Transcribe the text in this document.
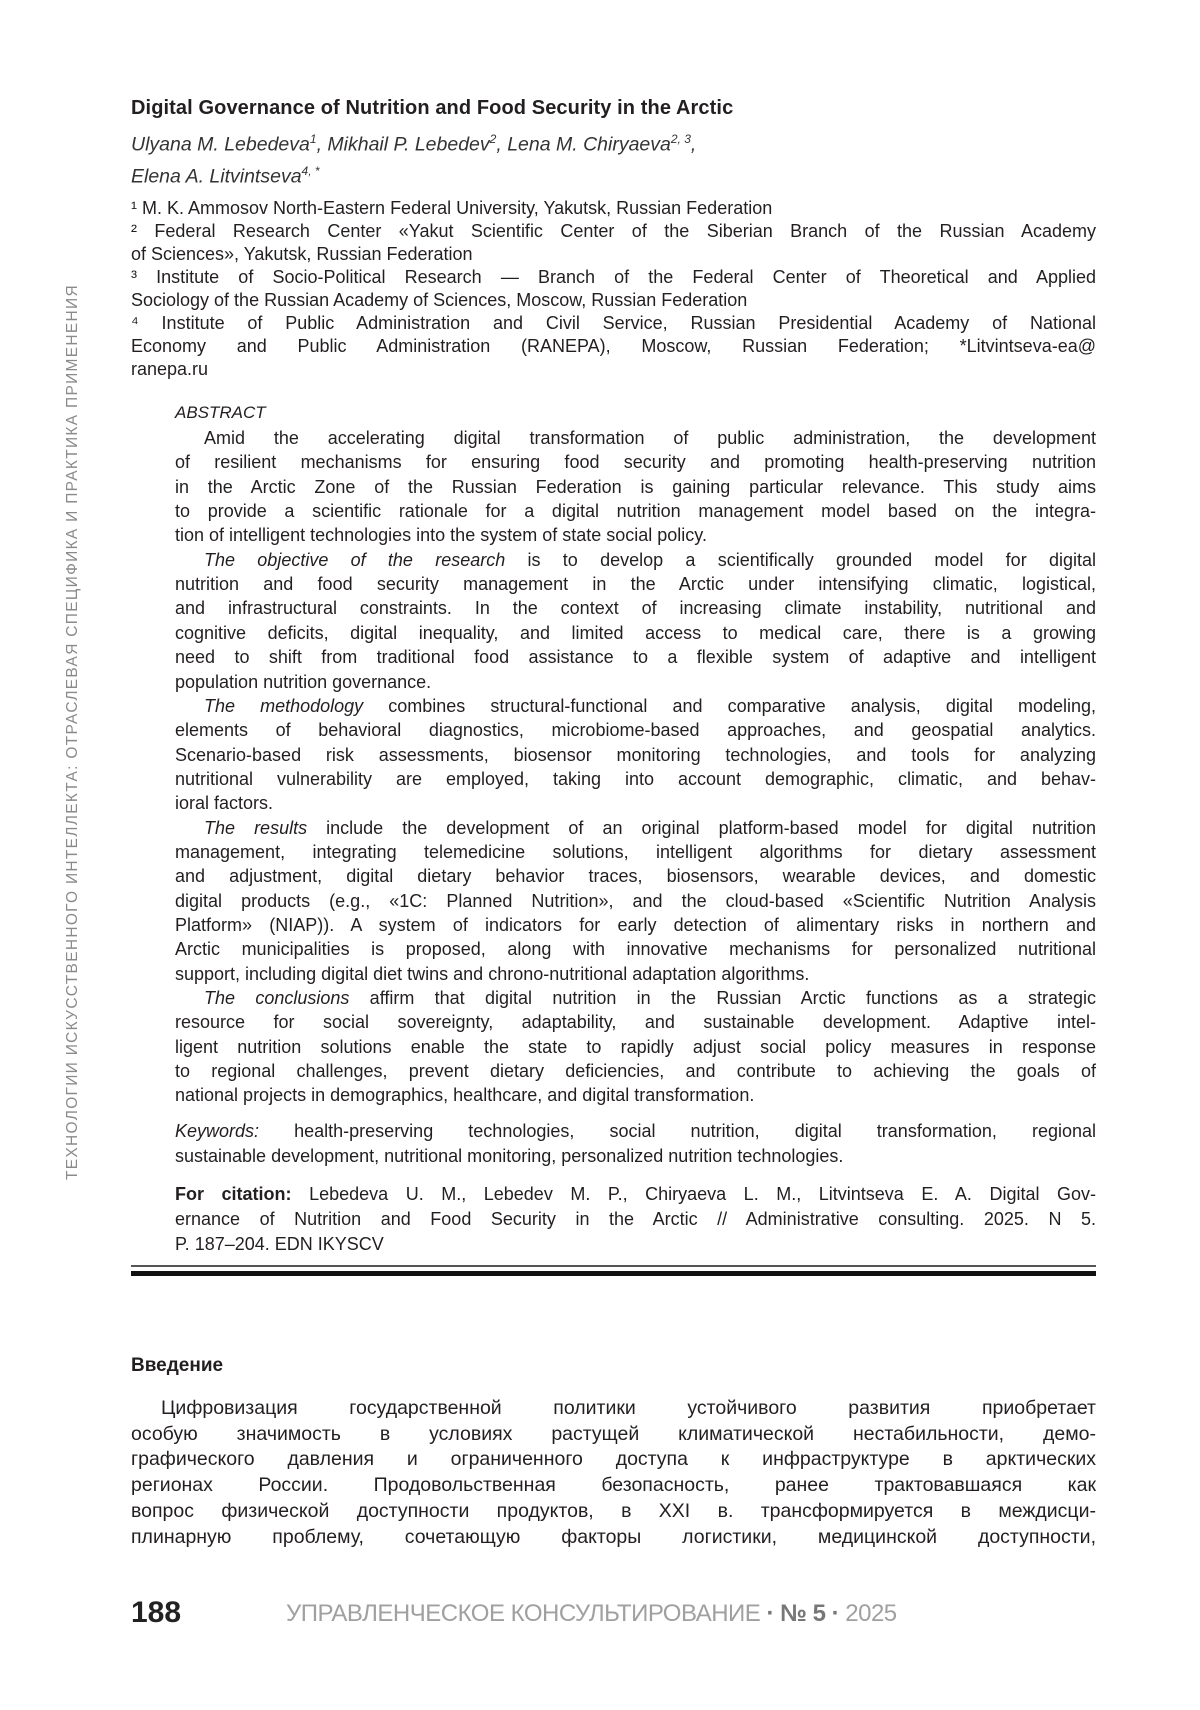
ТЕХНОЛОГИИ ИСКУССТВЕННОГО ИНТЕЛЛЕКТА: ОТРАСЛЕВАЯ СПЕЦИФИКА И ПРАКТИКА ПРИМЕНЕНИЯ
Digital Governance of Nutrition and Food Security in the Arctic
Ulyana M. Lebedeva1, Mikhail P. Lebedev2, Lena M. Chiryaeva2, 3,
Elena A. Litvintseva4, *
¹ M. K. Ammosov North-Eastern Federal University, Yakutsk, Russian Federation
² Federal Research Center «Yakut Scientific Center of the Siberian Branch of the Russian Academy
of Sciences», Yakutsk, Russian Federation
³ Institute of Socio-Political Research — Branch of the Federal Center of Theoretical and Applied
Sociology of the Russian Academy of Sciences, Moscow, Russian Federation
⁴ Institute of Public Administration and Civil Service, Russian Presidential Academy of National
Economy and Public Administration (RANEPA), Moscow, Russian Federation; *Litvintseva-ea@
ranepa.ru
ABSTRACT
Amid the accelerating digital transformation of public administration, the development
of resilient mechanisms for ensuring food security and promoting health-preserving nutrition
in the Arctic Zone of the Russian Federation is gaining particular relevance. This study aims
to provide a scientific rationale for a digital nutrition management model based on the integra-
tion of intelligent technologies into the system of state social policy.
The objective of the research is to develop a scientifically grounded model for digital
nutrition and food security management in the Arctic under intensifying climatic, logistical,
and infrastructural constraints. In the context of increasing climate instability, nutritional and
cognitive deficits, digital inequality, and limited access to medical care, there is a growing
need to shift from traditional food assistance to a flexible system of adaptive and intelligent
population nutrition governance.
The methodology combines structural-functional and comparative analysis, digital modeling,
elements of behavioral diagnostics, microbiome-based approaches, and geospatial analytics.
Scenario-based risk assessments, biosensor monitoring technologies, and tools for analyzing
nutritional vulnerability are employed, taking into account demographic, climatic, and behav-
ioral factors.
The results include the development of an original platform-based model for digital nutrition
management, integrating telemedicine solutions, intelligent algorithms for dietary assessment
and adjustment, digital dietary behavior traces, biosensors, wearable devices, and domestic
digital products (e.g., «1C: Planned Nutrition», and the cloud-based «Scientific Nutrition Analysis
Platform» (NIAP)). A system of indicators for early detection of alimentary risks in northern and
Arctic municipalities is proposed, along with innovative mechanisms for personalized nutritional
support, including digital diet twins and chrono-nutritional adaptation algorithms.
The conclusions affirm that digital nutrition in the Russian Arctic functions as a strategic
resource for social sovereignty, adaptability, and sustainable development. Adaptive intel-
ligent nutrition solutions enable the state to rapidly adjust social policy measures in response
to regional challenges, prevent dietary deficiencies, and contribute to achieving the goals of
national projects in demographics, healthcare, and digital transformation.
Keywords: health-preserving technologies, social nutrition, digital transformation, regional
sustainable development, nutritional monitoring, personalized nutrition technologies.
For citation: Lebedeva U. M., Lebedev M. P., Chiryaeva L. M., Litvintseva E. A. Digital Gov-
ernance of Nutrition and Food Security in the Arctic // Administrative consulting. 2025. N 5.
P. 187–204. EDN IKYSCV
Введение
Цифровизация государственной политики устойчивого развития приобретает
особую значимость в условиях растущей климатической нестабильности, демо-
графического давления и ограниченного доступа к инфраструктуре в арктических
регионах России. Продовольственная безопасность, ранее трактовавшаяся как
вопрос физической доступности продуктов, в XXI в. трансформируется в междисци-
плинарную проблему, сочетающую факторы логистики, медицинской доступности,
188	УПРАВЛЕНЧЕСКОЕ КОНСУЛЬТИРОВАНИЕ · № 5 · 2025
